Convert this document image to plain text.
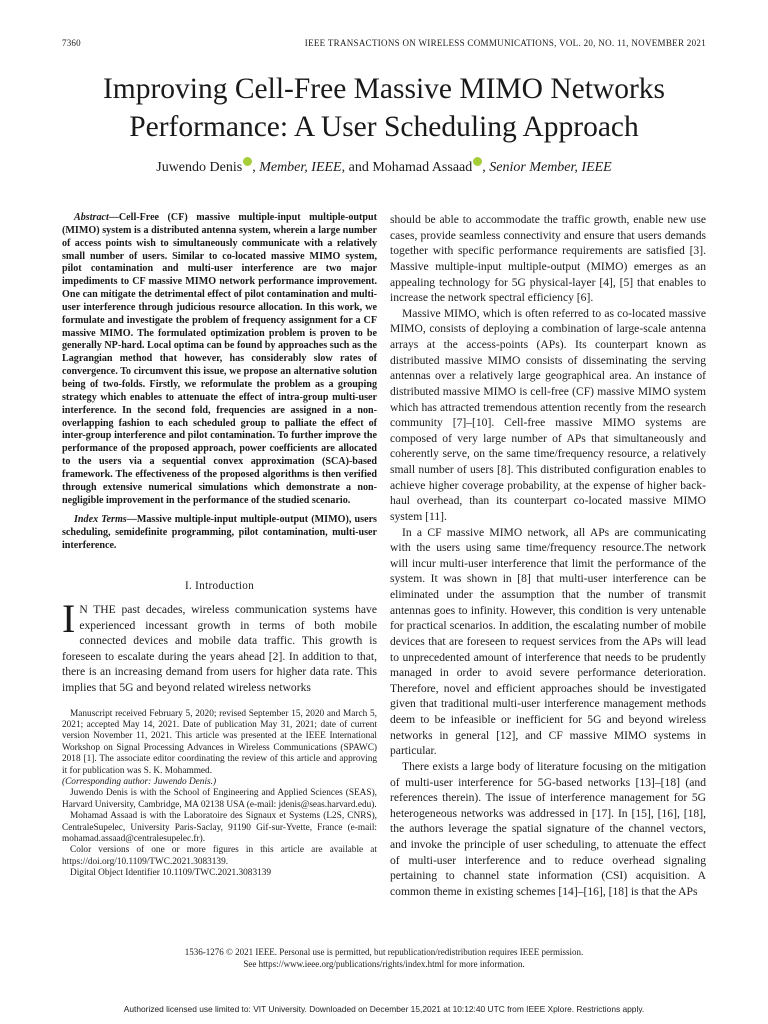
7360	IEEE TRANSACTIONS ON WIRELESS COMMUNICATIONS, VOL. 20, NO. 11, NOVEMBER 2021
Improving Cell-Free Massive MIMO Networks
Performance: A User Scheduling Approach
Juwendo Denis , Member, IEEE, and Mohamad Assaad , Senior Member, IEEE

Abstract—Cell-Free (CF) massive multiple-input multiple-output (MIMO) system is a distributed antenna system, wherein a large number of access points wish to simultaneously communicate with a relatively small number of users. Similar to co-located massive MIMO system, pilot contamination and multi-user interference are two major impediments to CF massive MIMO network performance improvement. One can mitigate the detrimental effect of pilot contamination and multi-user interference through judicious resource allocation. In this work, we formulate and investigate the problem of frequency assignment for a CF massive MIMO. The formulated optimization problem is proven to be generally NP-hard. Local optima can be found by approaches such as the Lagrangian method that however, has considerably slow rates of convergence. To circumvent this issue, we propose an alternative solution being of two-folds. Firstly, we reformulate the problem as a grouping strategy which enables to attenuate the effect of intra-group multi-user interference. In the second fold, frequencies are assigned in a non-overlapping fashion to each scheduled group to palliate the effect of inter-group interference and pilot contamination. To further improve the performance of the proposed approach, power coefficients are allocated to the users via a sequential convex approximation (SCA)-based framework. The effectiveness of the proposed algorithms is then verified through extensive numerical simulations which demonstrate a non-negligible improvement in the performance of the studied scenario.

Index Terms—Massive multiple-input multiple-output (MIMO), users scheduling, semidefinite programming, pilot contamination, multi-user interference.

I. Introduction

I N THE past decades, wireless communication systems have experienced incessant growth in terms of both mobile connected devices and mobile data traffic. This growth is foreseen to escalate during the years ahead [2]. In addition to that, there is an increasing demand from users for higher data rate. This implies that 5G and beyond related wireless networks

Manuscript received February 5, 2020; revised September 15, 2020 and March 5, 2021; accepted May 14, 2021. Date of publication May 31, 2021; date of current version November 11, 2021. This article was presented at the IEEE International Workshop on Signal Processing Advances in Wireless Communications (SPAWC) 2018 [1]. The associate editor coordinating the review of this article and approving it for publication was S. K. Mohammed.

(Corresponding author: Juwendo Denis.)

Juwendo Denis is with the School of Engineering and Applied Sciences (SEAS), Harvard University, Cambridge, MA 02138 USA (e-mail: jdenis@seas.harvard.edu).

Mohamad Assaad is with the Laboratoire des Signaux et Systems (L2S, CNRS), CentraleSupelec, University Paris-Saclay, 91190 Gif-sur-Yvette, France (e-mail: mohamad.assaad@centralesupelec.fr).

Color versions of one or more figures in this article are available at https://doi.org/10.1109/TWC.2021.3083139.

Digital Object Identifier 10.1109/TWC.2021.3083139

should be able to accommodate the traffic growth, enable new use cases, provide seamless connectivity and ensure that users demands together with specific performance requirements are satisfied [3]. Massive multiple-input multiple-output (MIMO) emerges as an appealing technology for 5G physical-layer [4], [5] that enables to increase the network spectral efficiency [6].

Massive MIMO, which is often referred to as co-located massive MIMO, consists of deploying a combination of large-scale antenna arrays at the access-points (APs). Its counterpart known as distributed massive MIMO consists of disseminating the serving antennas over a relatively large geographical area. An instance of distributed massive MIMO is cell-free (CF) massive MIMO system which has attracted tremendous attention recently from the research community [7]–[10]. Cell-free massive MIMO systems are composed of very large number of APs that simultaneously and coherently serve, on the same time/frequency resource, a relatively small number of users [8]. This distributed configuration enables to achieve higher coverage probability, at the expense of higher back-haul overhead, than its counterpart co-located massive MIMO system [11].

In a CF massive MIMO network, all APs are communicating with the users using same time/frequency resource.The network will incur multi-user interference that limit the performance of the system. It was shown in [8] that multi-user interference can be eliminated under the assumption that the number of transmit antennas goes to infinity. However, this condition is very untenable for practical scenarios. In addition, the escalating number of mobile devices that are foreseen to request services from the APs will lead to unprecedented amount of interference that needs to be prudently managed in order to avoid severe performance deterioration. Therefore, novel and efficient approaches should be investigated given that traditional multi-user interference management methods deem to be infeasible or inefficient for 5G and beyond wireless networks in general [12], and CF massive MIMO systems in particular.

There exists a large body of literature focusing on the mitigation of multi-user interference for 5G-based networks [13]–[18] (and references therein). The issue of interference management for 5G heterogeneous networks was addressed in [17]. In [15], [16], [18], the authors leverage the spatial signature of the channel vectors, and invoke the principle of user scheduling, to attenuate the effect of multi-user interference and to reduce overhead signaling pertaining to channel state information (CSI) acquisition. A common theme in existing schemes [14]–[16], [18] is that the APs

1536-1276 © 2021 IEEE. Personal use is permitted, but republication/redistribution requires IEEE permission.
See https://www.ieee.org/publications/rights/index.html for more information.
Authorized licensed use limited to: VIT University. Downloaded on December 15,2021 at 10:12:40 UTC from IEEE Xplore. Restrictions apply.
